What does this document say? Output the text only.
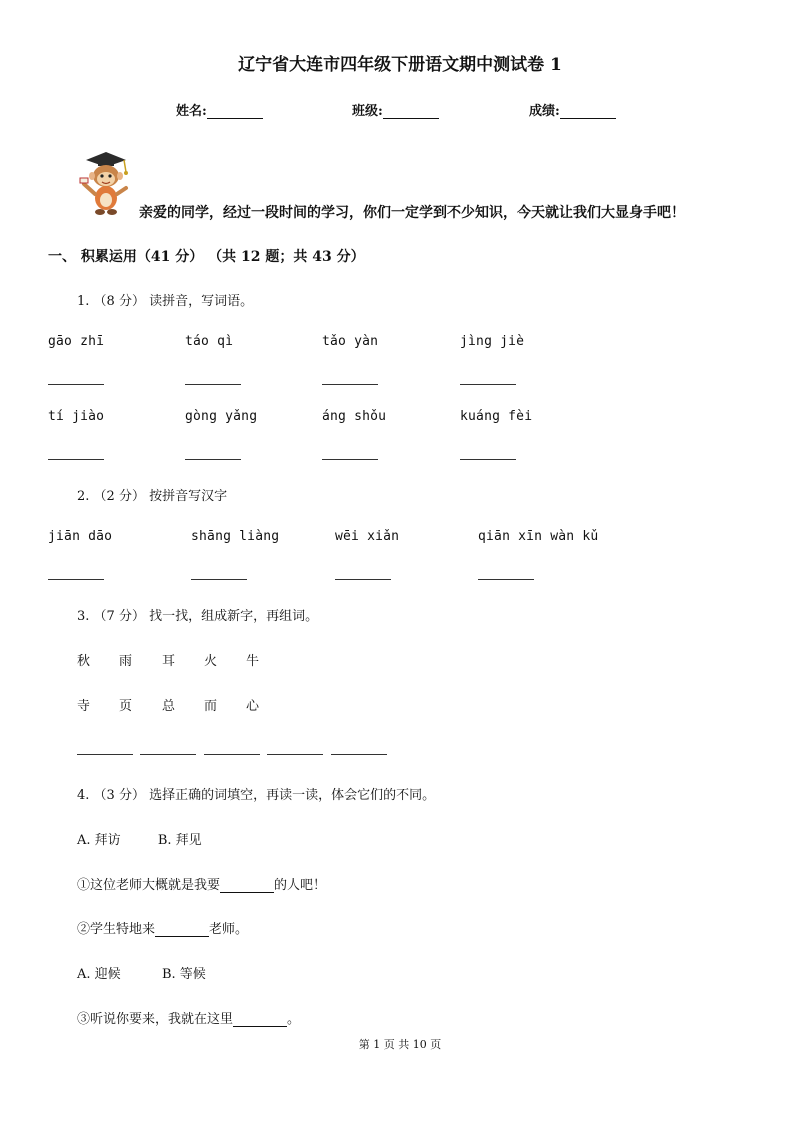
辽宁省大连市四年级下册语文期中测试卷 1
姓名:	班级:	成绩:
亲爱的同学，经过一段时间的学习，你们一定学到不少知识，今天就让我们大显身手吧！
一、 积累运用（41 分） （共 12 题；共 43 分）
1. （8 分） 读拼音，写词语。
gāo zhī	táo qì	tǎo yàn	jìng jiè
tí jiào	gòng yǎng	áng shǒu	kuáng fèi
2. （2 分） 按拼音写汉字
jiān dāo	shāng liàng	wēi xiǎn	qiān xīn wàn kǔ
3. （7 分） 找一找，组成新字，再组词。
秋 雨 耳 火 牛
寺 页 总 而 心
4. （3 分） 选择正确的词填空，再读一读，体会它们的不同。
A. 拜访         B. 拜见
①这位老师大概就是我要	的人吧！
②学生特地来	老师。
A. 迎候          B. 等候
③听说你要来，我就在这里	。
第 1 页 共 10 页
